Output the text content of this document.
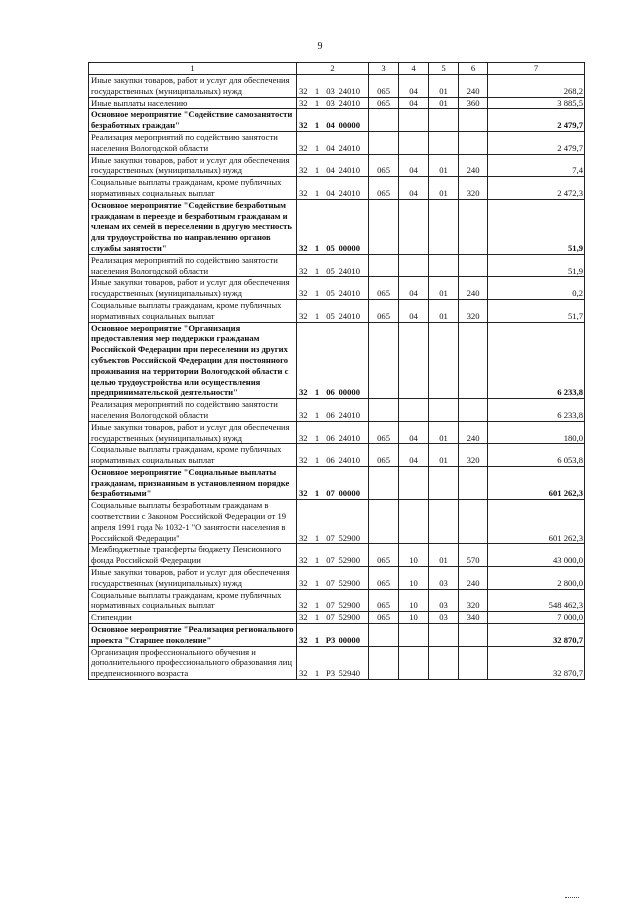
9
1	2				3	4	5	6	7
Иные закупки товаров, работ и услуг для обеспечения государственных (муниципальных) нужд	32	1	03	24010	065	04	01	240	268,2
Иные выплаты населению	32	1	03	24010	065	04	01	360	3 885,5
Основное мероприятие "Содействие самозанятости безработных граждан"	32	1	04	00000					2 479,7
Реализация мероприятий по содействию занятости населения Вологодской области	32	1	04	24010					2 479,7
Иные закупки товаров, работ и услуг для обеспечения государственных (муниципальных) нужд	32	1	04	24010	065	04	01	240	7,4
Социальные выплаты гражданам, кроме публичных нормативных социальных выплат	32	1	04	24010	065	04	01	320	2 472,3
Основное мероприятие "Содействие безработным гражданам в переезде и безработным гражданам и членам их семей в переселении в другую местность для трудоустройства по направлению органов службы занятости"	32	1	05	00000					51,9
Реализация мероприятий по содействию занятости населения Вологодской области	32	1	05	24010					51,9
Иные закупки товаров, работ и услуг для обеспечения государственных (муниципальных) нужд	32	1	05	24010	065	04	01	240	0,2
Социальные выплаты гражданам, кроме публичных нормативных социальных выплат	32	1	05	24010	065	04	01	320	51,7
Основное мероприятие "Организация предоставления мер поддержки гражданам Российской Федерации при переселении из других субъектов Российской Федерации для постоянного проживания на территории Вологодской области с целью трудоустройства или осуществления предпринимательской деятельности"	32	1	06	00000					6 233,8
Реализация мероприятий по содействию занятости населения Вологодской области	32	1	06	24010					6 233,8
Иные закупки товаров, работ и услуг для обеспечения государственных (муниципальных) нужд	32	1	06	24010	065	04	01	240	180,0
Социальные выплаты гражданам, кроме публичных нормативных социальных выплат	32	1	06	24010	065	04	01	320	6 053,8
Основное мероприятие "Социальные выплаты гражданам, признанным в установленном порядке безработными"	32	1	07	00000					601 262,3
Социальные выплаты безработным гражданам в соответствии с Законом Российской Федерации от 19 апреля 1991 года № 1032-1 "О занятости населения в Российской Федерации"	32	1	07	52900					601 262,3
Межбюджетные трансферты бюджету Пенсионного фонда Российской Федерации	32	1	07	52900	065	10	01	570	43 000,0
Иные закупки товаров, работ и услуг для обеспечения государственных (муниципальных) нужд	32	1	07	52900	065	10	03	240	2 800,0
Социальные выплаты гражданам, кроме публичных нормативных социальных выплат	32	1	07	52900	065	10	03	320	548 462,3
Стипендии	32	1	07	52900	065	10	03	340	7 000,0
Основное мероприятие "Реализация регионального проекта "Старшее поколение"	32	1	P3	00000					32 870,7
Организация профессионального обучения и дополнительного профессионального образования лиц предпенсионного возраста	32	1	P3	52940					32 870,7
